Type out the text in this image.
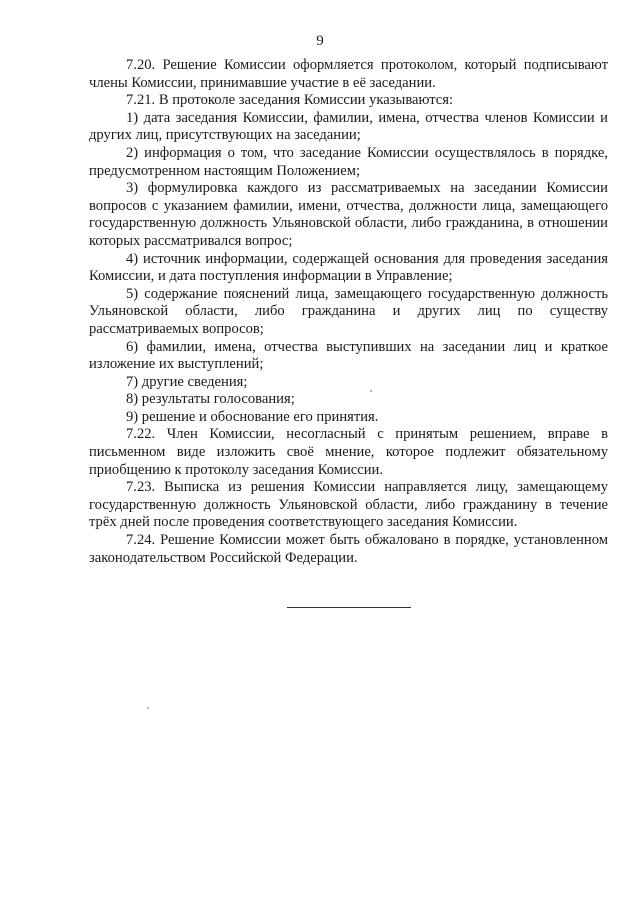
9

7.20. Решение Комиссии оформляется протоколом, который подписывают члены Комиссии, принимавшие участие в её заседании.

7.21. В протоколе заседания Комиссии указываются:

1) дата заседания Комиссии, фамилии, имена, отчества членов Комиссии и других лиц, присутствующих на заседании;

2) информация о том, что заседание Комиссии осуществлялось в порядке, предусмотренном настоящим Положением;

3) формулировка каждого из рассматриваемых на заседании Комиссии вопросов с указанием фамилии, имени, отчества, должности лица, замещающего государственную должность Ульяновской области, либо гражданина, в отношении которых рассматривался вопрос;

4) источник информации, содержащей основания для проведения заседания Комиссии, и дата поступления информации в Управление;

5) содержание пояснений лица, замещающего государственную должность Ульяновской области, либо гражданина и других лиц по существу рассматриваемых вопросов;

6) фамилии, имена, отчества выступивших на заседании лиц и краткое изложение их выступлений;

7) другие сведения;

8) результаты голосования;

9) решение и обоснование его принятия.

7.22. Член Комиссии, несогласный с принятым решением, вправе в письменном виде изложить своё мнение, которое подлежит обязательному приобщению к протоколу заседания Комиссии.

7.23. Выписка из решения Комиссии направляется лицу, замещающему государственную должность Ульяновской области, либо гражданину в течение трёх дней после проведения соответствующего заседания Комиссии.

7.24. Решение Комиссии может быть обжаловано в порядке, установленном законодательством Российской Федерации.
